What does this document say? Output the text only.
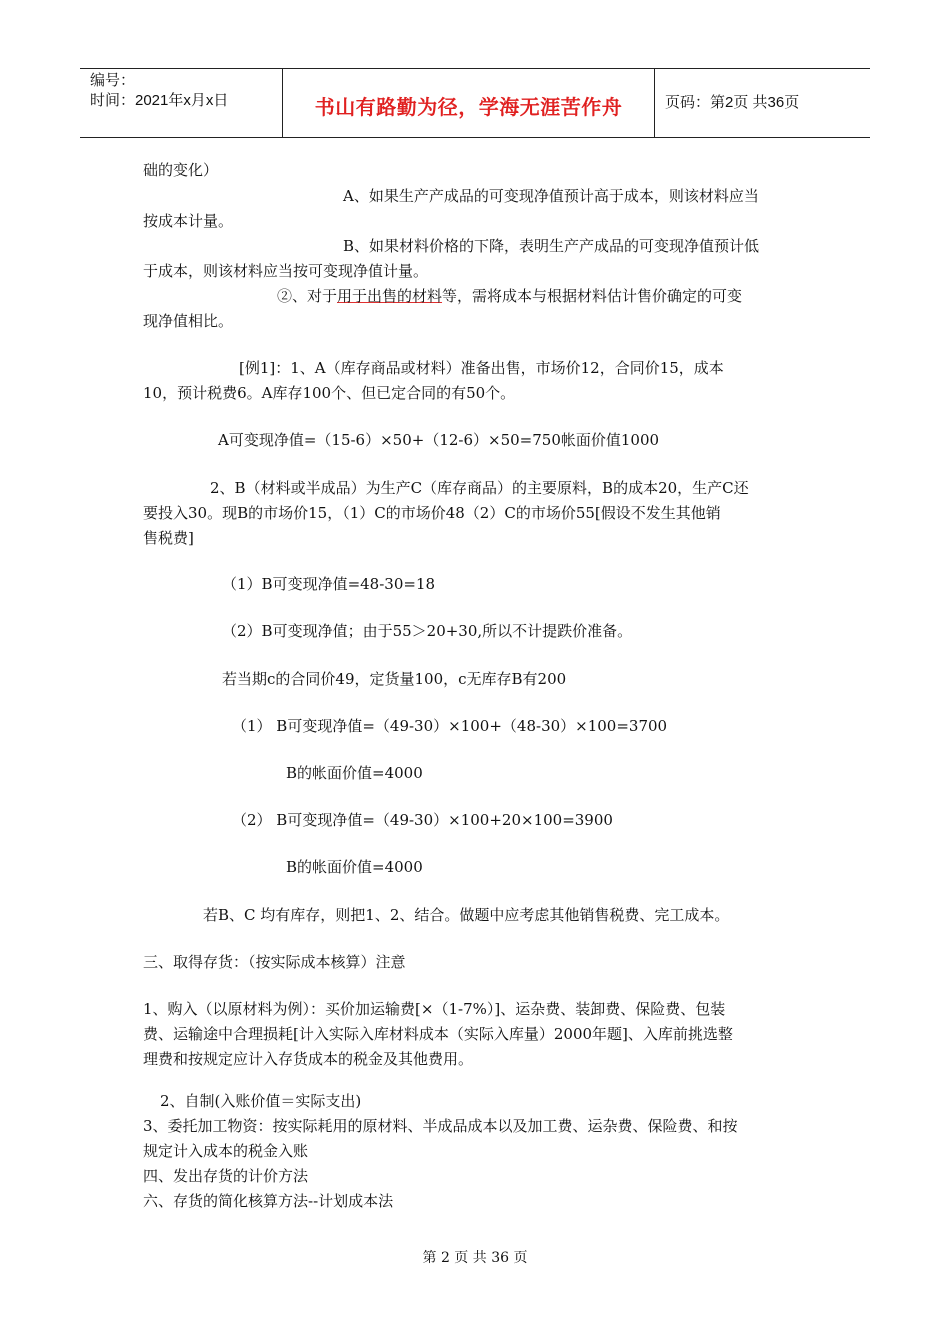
编号：
时间：2021年x月x日	书山有路勤为径，学海无涯苦作舟	页码：第2页 共36页
础的变化）
A、如果生产产成品的可变现净值预计高于成本，则该材料应当
按成本计量。
B、如果材料价格的下降，表明生产产成品的可变现净值预计低
于成本，则该材料应当按可变现净值计量。
②、对于用于出售的材料等，需将成本与根据材料估计售价确定的可变
现净值相比。
[例1]：1、A（库存商品或材料）准备出售，市场价12，合同价15，成本
10，预计税费6。A库存100个、但已定合同的有50个。
A可变现净值=（15-6）×50+（12-6）×50=750帐面价值1000
2、B（材料或半成品）为生产C（库存商品）的主要原料，B的成本20，生产C还
要投入30。现B的市场价15，（1）C的市场价48（2）C的市场价55[假设不发生其他销
售税费]
（1）B可变现净值=48-30=18
（2）B可变现净值；由于55＞20+30,所以不计提跌价准备。
若当期c的合同价49，定货量100，c无库存B有200
（1） B可变现净值=（49-30）×100+（48-30）×100=3700
B的帐面价值=4000
（2） B可变现净值=（49-30）×100+20×100=3900
B的帐面价值=4000
若B、C 均有库存，则把1、2、结合。做题中应考虑其他销售税费、完工成本。
三、取得存货：（按实际成本核算）注意
1、购入（以原材料为例）：买价加运输费[×（1-7%）]、运杂费、装卸费、保险费、包装
费、运输途中合理损耗[计入实际入库材料成本（实际入库量）2000年题]、入库前挑选整
理费和按规定应计入存货成本的税金及其他费用。
2、自制(入账价值＝实际支出)
3、委托加工物资：按实际耗用的原材料、半成品成本以及加工费、运杂费、保险费、和按
规定计入成本的税金入账
四、发出存货的计价方法
六、存货的简化核算方法--计划成本法
第 2 页 共 36 页
